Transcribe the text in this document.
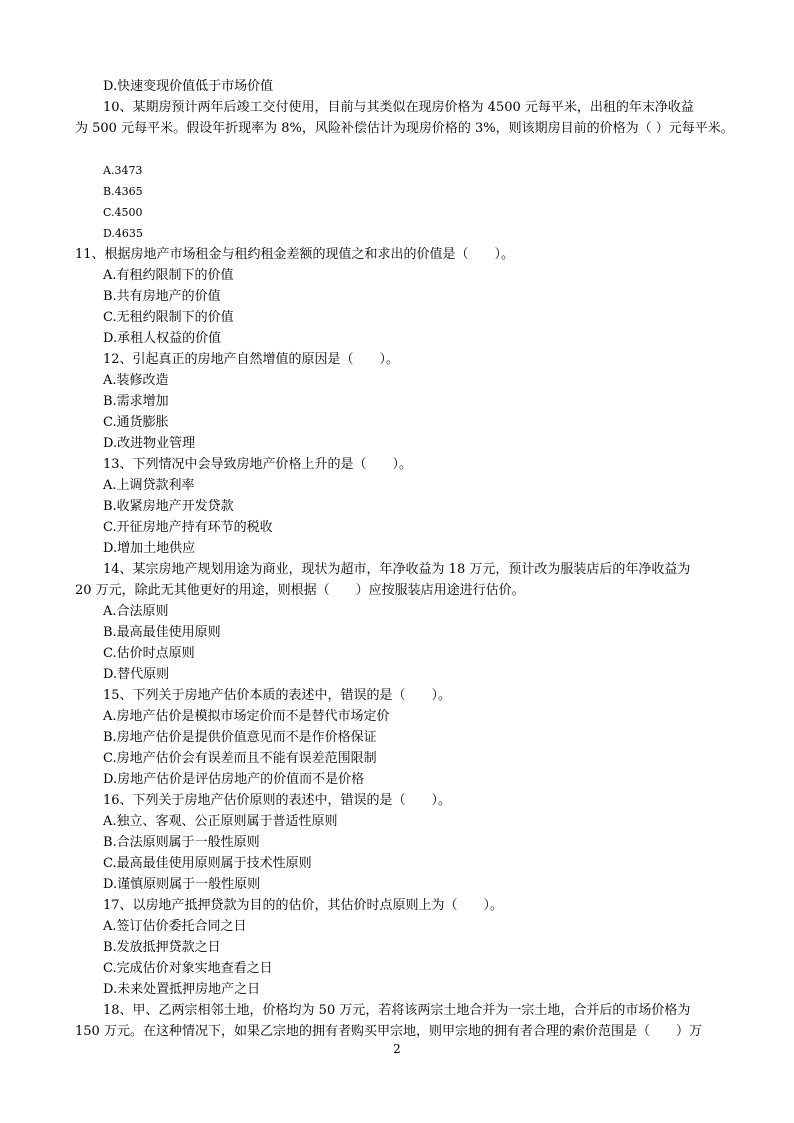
D.快速变现价值低于市场价值
10、某期房预计两年后竣工交付使用，目前与其类似在现房价格为 4500 元每平米，出租的年末净收益
为 500 元每平米。假设年折现率为 8%，风险补偿估计为现房价格的 3%，则该期房目前的价格为（ ）元每平米。
A.3473
B.4365
C.4500
D.4635
11、根据房地产市场租金与租约租金差额的现值之和求出的价值是（　　）。
A.有租约限制下的价值
B.共有房地产的价值
C.无租约限制下的价值
D.承租人权益的价值
12、引起真正的房地产自然增值的原因是（　　）。
A.装修改造
B.需求增加
C.通货膨胀
D.改进物业管理
13、下列情况中会导致房地产价格上升的是（　　）。
A.上调贷款利率
B.收紧房地产开发贷款
C.开征房地产持有环节的税收
D.增加土地供应
14、某宗房地产规划用途为商业，现状为超市，年净收益为 18 万元，预计改为服装店后的年净收益为
20 万元，除此无其他更好的用途，则根据（　　）应按服装店用途进行估价。
A.合法原则
B.最高最佳使用原则
C.估价时点原则
D.替代原则
15、下列关于房地产估价本质的表述中，错误的是（　　）。
A.房地产估价是模拟市场定价而不是替代市场定价
B.房地产估价是提供价值意见而不是作价格保证
C.房地产估价会有误差而且不能有误差范围限制
D.房地产估价是评估房地产的价值而不是价格
16、下列关于房地产估价原则的表述中，错误的是（　　）。
A.独立、客观、公正原则属于普适性原则
B.合法原则属于一般性原则
C.最高最佳使用原则属于技术性原则
D.谨慎原则属于一般性原则
17、以房地产抵押贷款为目的的估价，其估价时点原则上为（　　）。
A.签订估价委托合同之日
B.发放抵押贷款之日
C.完成估价对象实地查看之日
D.未来处置抵押房地产之日
18、甲、乙两宗相邻土地，价格均为 50 万元，若将该两宗土地合并为一宗土地，合并后的市场价格为
150 万元。在这种情况下，如果乙宗地的拥有者购买甲宗地，则甲宗地的拥有者合理的索价范围是（　　）万
2
